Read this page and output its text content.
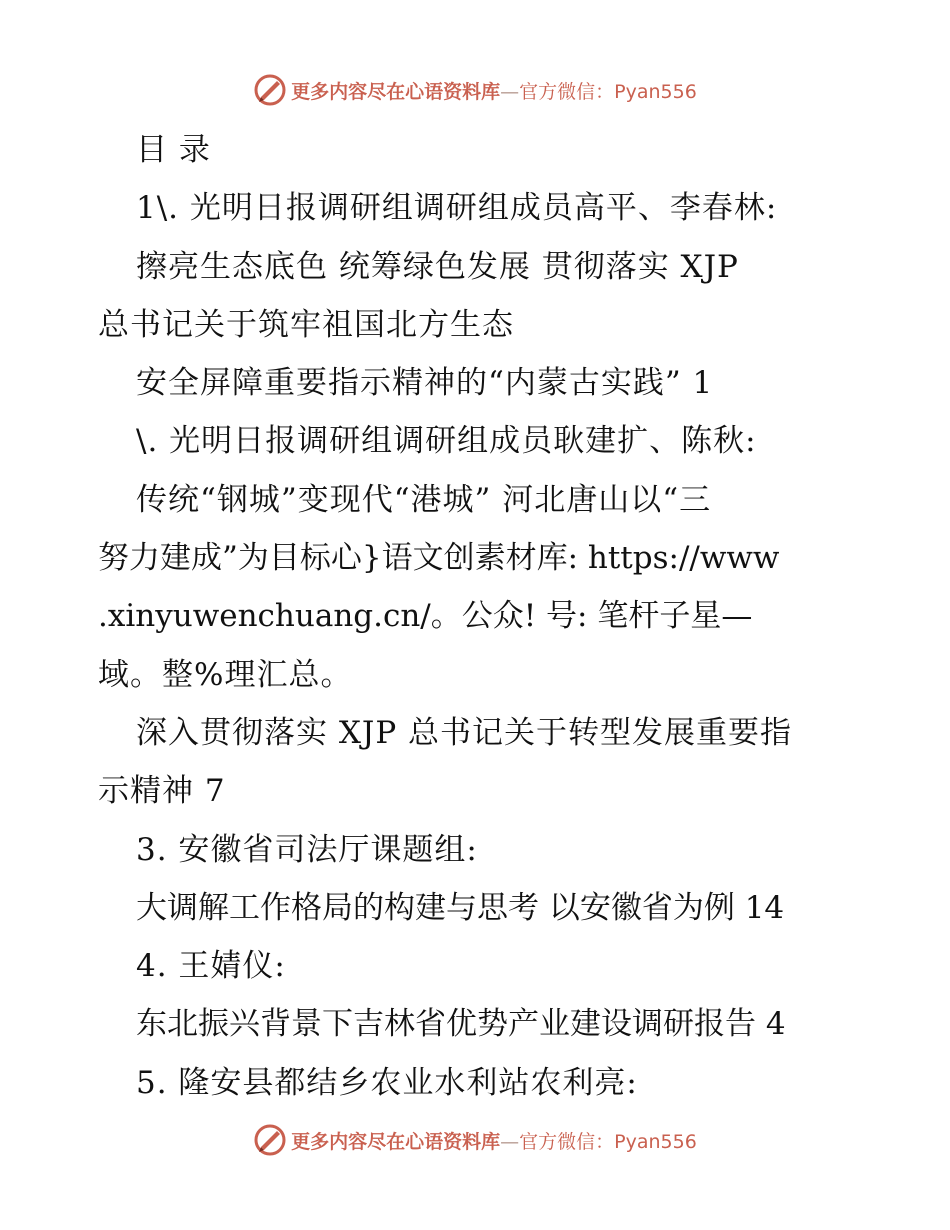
更多内容尽在心语资料库—官方微信：Pyan556
目 录
1\. 光明日报调研组调研组成员高平、李春林:
擦亮生态底色 统筹绿色发展 贯彻落实 XJP
总书记关于筑牢祖国北方生态
安全屏障重要指示精神的“内蒙古实践” 1
\. 光明日报调研组调研组成员耿建扩、陈秋:
传统“钢城”变现代“港城” 河北唐山以“三
努力建成”为目标心}语文创素材库: https://www
.xinyuwenchuang.cn/。公众! 号: 笔杆子星—
域。整%理汇总。
深入贯彻落实 XJP 总书记关于转型发展重要指
示精神 7
3. 安徽省司法厅课题组:
大调解工作格局的构建与思考 以安徽省为例 14
4. 王婧仪:
东北振兴背景下吉林省优势产业建设调研报告 4
5. 隆安县都结乡农业水利站农利亮:
更多内容尽在心语资料库—官方微信：Pyan556
